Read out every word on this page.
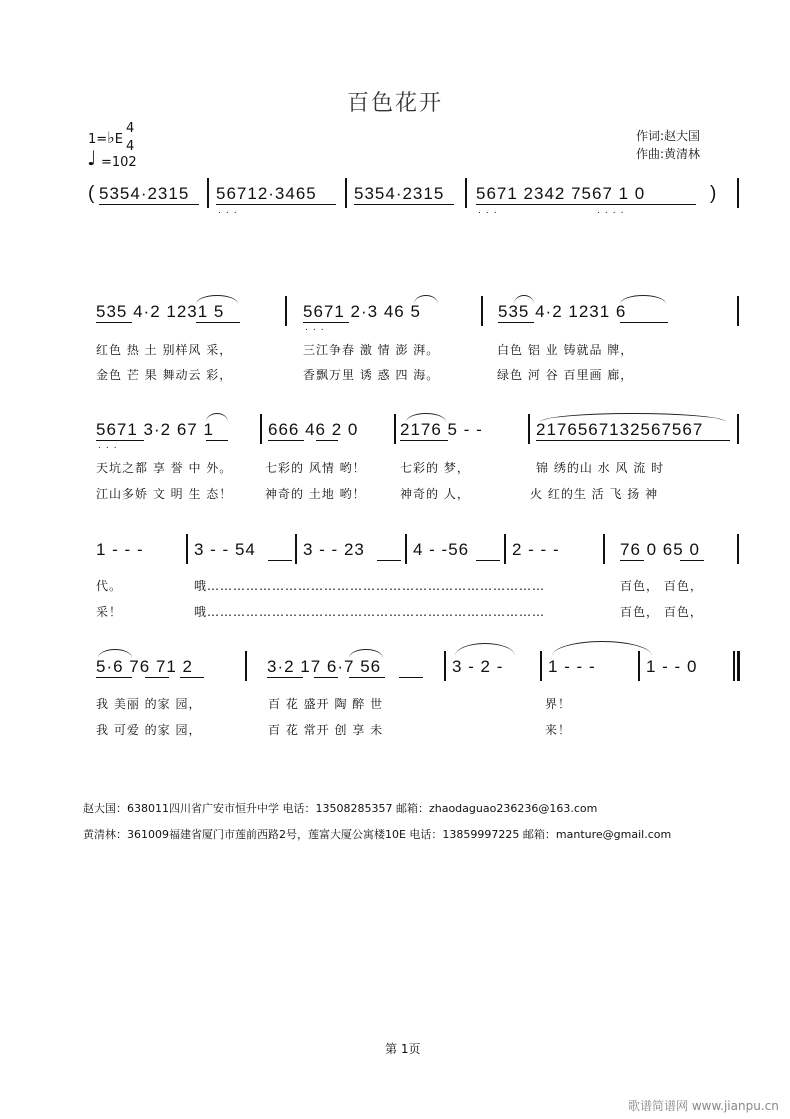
百色花开
1=♭E
4
4
♩ =102
作词:赵大国
作曲:黄清林
( 5354·2315 56712·3465 5354·2315 5671 2342 7567 1 0	)
...	...	....
535 4·2 1231 5	5671 2·3 46 5	535 4·2 1231 6
...
红色 热 土 别样风 采，	三江争春 激 情 澎 湃。	白色 铝 业 铸就品 牌，
金色 芒 果 舞动云 彩，	香飘万里 诱 惑 四 海。	绿色 河 谷 百里画 廊，
5671 3·2 67 1	666 46 2 0 2176 5 - -	2176567132567567
...
天坑之都 享 誉 中 外。	七彩的 风情 哟！	七彩的 梦，	锦 绣的山 水 风 流 时
江山多娇 文 明 生 态！	神奇的 土地 哟！	神奇的 人，	火 红的生 活 飞 扬 神
1 - - -	3 - - 54	3 - - 23	4 - -56	2 - - -	76 0 65 0
代。	哦……………………………………………………………………	百色， 百色，
采！	哦……………………………………………………………………	百色， 百色，
5·6 76 71 2	3·2 17 6·7 56	3 - 2 -	1 - - -	1 - - 0
我 美丽 的家 园，	百 花 盛开 陶 醉 世	界！
我 可爱 的家 园，	百 花 常开 创 享 未	来！
赵大国：638011四川省广安市恒升中学 电话：13508285357 邮箱：zhaodaguao236236@163.com
黄清林：361009福建省厦门市莲前西路2号，莲富大厦公寓楼10E 电话：13859997225 邮箱：manture@gmail.com
第 1页
歌谱简谱网 www.jianpu.cn
